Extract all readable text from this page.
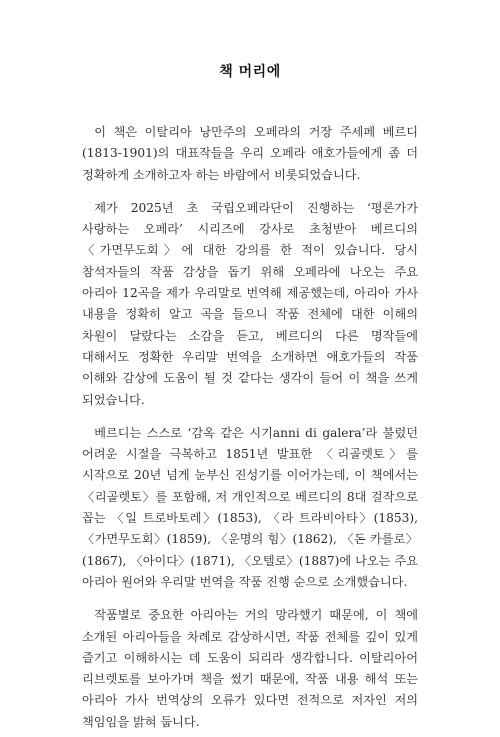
책 머리에

이 책은 이탈리아 낭만주의 오페라의 거장 주세페 베르디(1813-1901)의 대표작들을 우리 오페라 애호가들에게 좀 더 정확하게 소개하고자 하는 바람에서 비롯되었습니다.

제가 2025년 초 국립오페라단이 진행하는 ‘평론가가 사랑하는 오페라’ 시리즈에 강사로 초청받아 베르디의 〈가면무도회〉에 대한 강의를 한 적이 있습니다. 당시 참석자들의 작품 감상을 돕기 위해 오페라에 나오는 주요 아리아 12곡을 제가 우리말로 번역해 제공했는데, 아리아 가사 내용을 정확히 알고 곡을 들으니 작품 전체에 대한 이해의 차원이 달랐다는 소감을 듣고, 베르디의 다른 명작들에 대해서도 정확한 우리말 번역을 소개하면 애호가들의 작품 이해와 감상에 도움이 될 것 같다는 생각이 들어 이 책을 쓰게 되었습니다.

베르디는 스스로 ‘감옥 같은 시기anni di galera’라 불렀던 어려운 시절을 극복하고 1851년 발표한 〈리골렛토〉를 시작으로 20년 넘게 눈부신 진성기를 이어가는데, 이 책에서는 〈리골렛토〉를 포함해, 저 개인적으로 베르디의 8대 걸작으로 꼽는 〈일 트로바토레〉(1853), 〈라 트라비아타〉(1853), 〈가면무도회〉(1859), 〈운명의 힘〉(1862), 〈돈 카를로〉(1867), 〈아이다〉(1871), 〈오텔로〉(1887)에 나오는 주요 아리아 원어와 우리말 번역을 작품 진행 순으로 소개했습니다.

작품별로 중요한 아리아는 거의 망라했기 때문에, 이 책에 소개된 아리아들을 차례로 감상하시면, 작품 전체를 깊이 있게 즐기고 이해하시는 데 도움이 되리라 생각합니다. 이탈리아어 리브렛토를 보아가며 책을 썼기 때문에, 작품 내용 해석 또는 아리아 가사 번역상의 오류가 있다면 전적으로 저자인 저의 책임임을 밝혀 둡니다.
